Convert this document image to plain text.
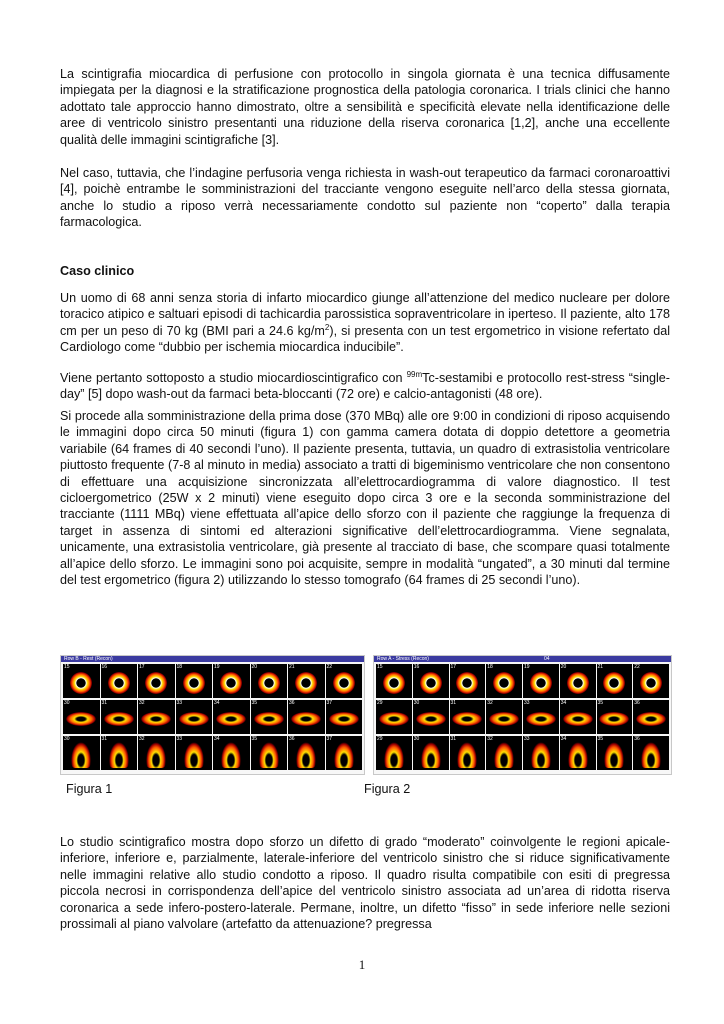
La scintigrafia miocardica di perfusione con protocollo in singola giornata è una tecnica diffusamente impiegata per la diagnosi e la stratificazione prognostica della patologia coronarica. I trials clinici che hanno adottato tale approccio hanno dimostrato, oltre a sensibilità e specificità elevate nella identificazione delle aree di ventricolo sinistro presentanti una riduzione della riserva coronarica [1,2], anche una eccellente qualità delle immagini scintigrafiche [3].

Nel caso, tuttavia, che l’indagine perfusoria venga richiesta in wash-out terapeutico da farmaci coronaroattivi [4], poichè entrambe le somministrazioni del tracciante vengono eseguite nell’arco della stessa giornata, anche lo studio a riposo verrà necessariamente condotto sul paziente non “coperto” dalla terapia farmacologica.

Caso clinico

Un uomo di 68 anni senza storia di infarto miocardico giunge all’attenzione del medico nucleare per dolore toracico atipico e saltuari episodi di tachicardia parossistica sopraventricolare in iperteso. Il paziente, alto 178 cm per un peso di 70 kg (BMI pari a 24.6 $kg/m^2$), si presenta con un test ergometrico in visione refertato dal Cardiologo come “dubbio per ischemia miocardica inducibile”.

Viene pertanto sottoposto a studio miocardioscintigrafico con $^{99m}$Tc-sestamibi e protocollo rest-stress “single-day” [5] dopo wash-out da farmaci beta-bloccanti (72 ore) e calcio-antagonisti (48 ore).

Si procede alla somministrazione della prima dose (370 MBq) alle ore 9:00 in condizioni di riposo acquisendo le immagini dopo circa 50 minuti (figura 1) con gamma camera dotata di doppio detettore a geometria variabile (64 frames di 40 secondi l’uno). Il paziente presenta, tuttavia, un quadro di extrasistolia ventricolare piuttosto frequente (7-8 al minuto in media) associato a tratti di bigeminismo ventricolare che non consentono di effettuare una acquisizione sincronizzata all’elettrocardiogramma di valore diagnostico. Il test cicloergometrico (25W x 2 minuti) viene eseguito dopo circa 3 ore e la seconda somministrazione del tracciante (1111 MBq) viene effettuata all’apice dello sforzo con il paziente che raggiunge la frequenza di target in assenza di sintomi ed alterazioni significative dell’elettrocardiogramma. Viene segnalata, unicamente, una extrasistolia ventricolare, già presente al tracciato di base, che scompare quasi totalmente all’apice dello sforzo. Le immagini sono poi acquisite, sempre in modalità “ungated”, a 30 minuti dal termine del test ergometrico (figura 2) utilizzando lo stesso tomografo (64 frames di 25 secondi l’uno).

Row B - Rest (Recon)
15	16	17	18	19	20	21	22
30	31	32	33	34	35	36	37
30	31	32	33	34	35	36	37
Row A - Stress (Recon)	04
15	16	17	18	19	20	21	22
29	30	31	32	33	34	35	36
29	30	31	32	33	34	35	36

Figura 1	Figura 2

Lo studio scintigrafico mostra dopo sforzo un difetto di grado “moderato” coinvolgente le regioni apicale-inferiore, inferiore e, parzialmente, laterale-inferiore del ventricolo sinistro che si riduce significativamente nelle immagini relative allo studio condotto a riposo. Il quadro risulta compatibile con esiti di pregressa piccola necrosi in corrispondenza dell’apice del ventricolo sinistro associata ad un’area di ridotta riserva coronarica a sede infero-postero-laterale. Permane, inoltre, un difetto “fisso” in sede inferiore nelle sezioni prossimali al piano valvolare (artefatto da attenuazione? pregressa

1
